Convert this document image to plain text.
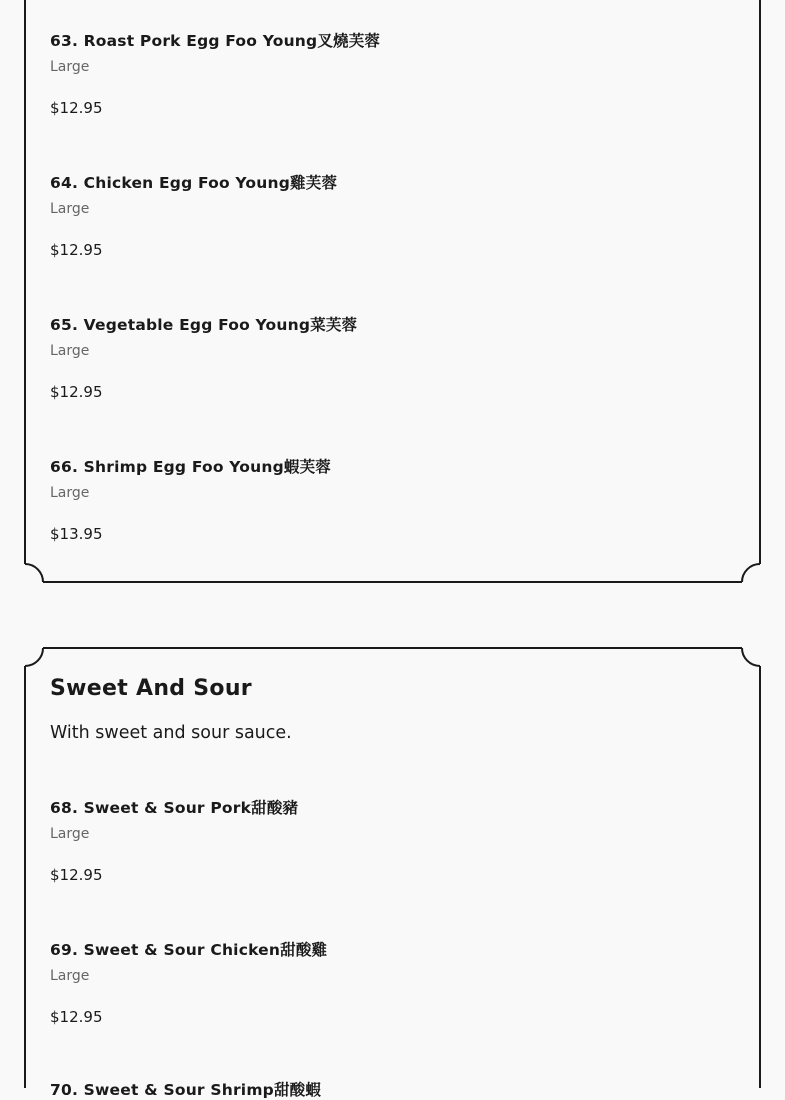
63. Roast Pork Egg Foo Young叉燒芙蓉
Large
$12.95
64. Chicken Egg Foo Young雞芙蓉
Large
$12.95
65. Vegetable Egg Foo Young菜芙蓉
Large
$12.95
66. Shrimp Egg Foo Young蝦芙蓉
Large
$13.95
Sweet And Sour
With sweet and sour sauce.
68. Sweet & Sour Pork甜酸豬
Large
$12.95
69. Sweet & Sour Chicken甜酸雞
Large
$12.95
70. Sweet & Sour Shrimp甜酸蝦
